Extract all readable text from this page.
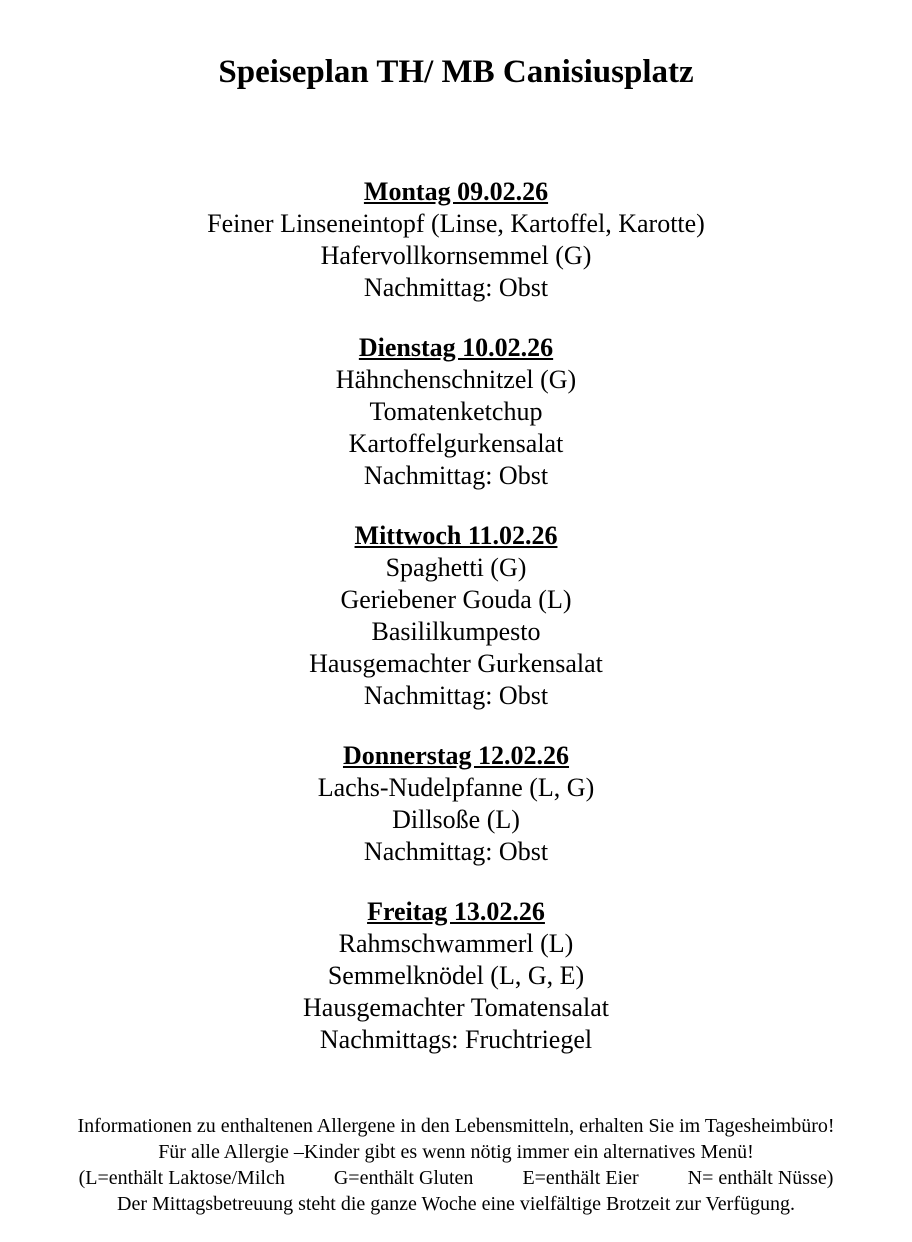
Speiseplan TH/ MB Canisiusplatz
Montag 09.02.26
Feiner Linseneintopf (Linse, Kartoffel, Karotte)
Hafervollkornsemmel (G)
Nachmittag: Obst
Dienstag 10.02.26
Hähnchenschnitzel (G)
Tomatenketchup
Kartoffelgurkensalat
Nachmittag: Obst
Mittwoch 11.02.26
Spaghetti (G)
Geriebener Gouda (L)
Basililkumpesto
Hausgemachter Gurkensalat
Nachmittag: Obst
Donnerstag 12.02.26
Lachs-Nudelpfanne (L, G)
Dillsoße (L)
Nachmittag: Obst
Freitag 13.02.26
Rahmschwammerl (L)
Semmelknödel (L, G, E)
Hausgemachter Tomatensalat
Nachmittags: Fruchtriegel
Informationen zu enthaltenen Allergene in den Lebensmitteln, erhalten Sie im Tagesheimbüro!
Für alle Allergie –Kinder gibt es wenn nötig immer ein alternatives Menü!
(L=enthält Laktose/Milch G=enthält Gluten E=enthält Eier N= enthält Nüsse)
Der Mittagsbetreuung steht die ganze Woche eine vielfältige Brotzeit zur Verfügung.
